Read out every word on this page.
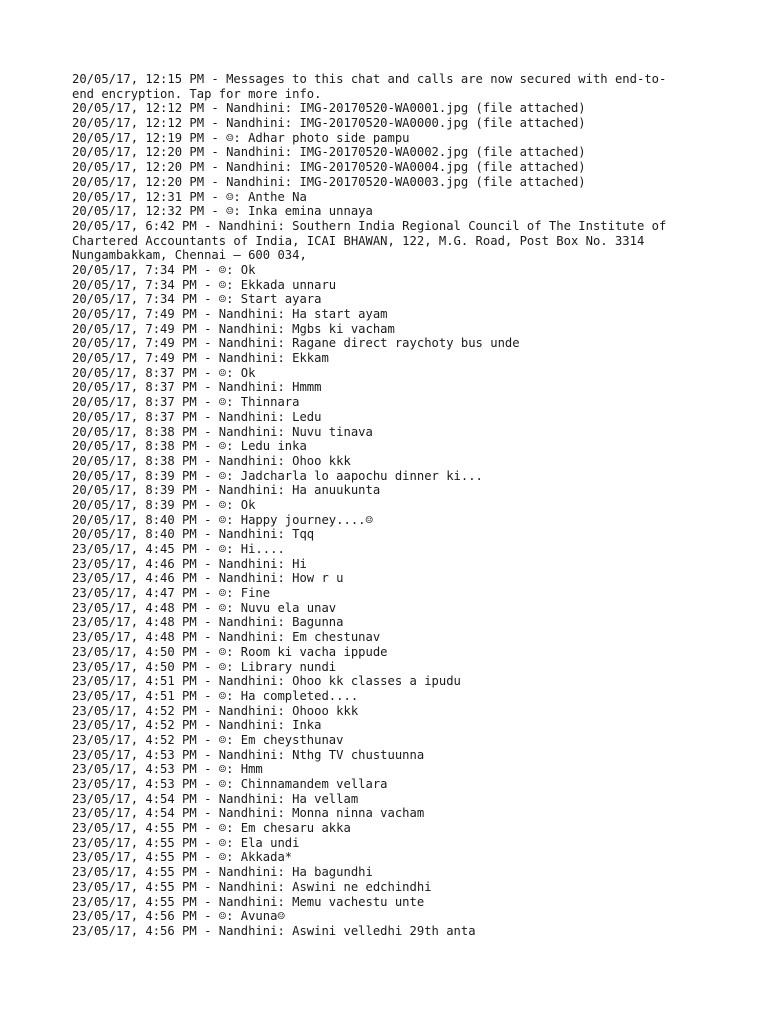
20/05/17, 12:15 PM - Messages to this chat and calls are now secured with end-to-
end encryption. Tap for more info.
20/05/17, 12:12 PM - Nandhini: IMG-20170520-WA0001.jpg (file attached)
20/05/17, 12:12 PM - Nandhini: IMG-20170520-WA0000.jpg (file attached)
20/05/17, 12:19 PM - ☺: Adhar photo side pampu
20/05/17, 12:20 PM - Nandhini: IMG-20170520-WA0002.jpg (file attached)
20/05/17, 12:20 PM - Nandhini: IMG-20170520-WA0004.jpg (file attached)
20/05/17, 12:20 PM - Nandhini: IMG-20170520-WA0003.jpg (file attached)
20/05/17, 12:31 PM - ☺: Anthe Na
20/05/17, 12:32 PM - ☺: Inka emina unnaya
20/05/17, 6:42 PM - Nandhini: Southern India Regional Council of The Institute of
Chartered Accountants of India, ICAI BHAWAN, 122, M.G. Road, Post Box No. 3314
Nungambakkam, Chennai – 600 034,
20/05/17, 7:34 PM - ☺: Ok
20/05/17, 7:34 PM - ☺: Ekkada unnaru
20/05/17, 7:34 PM - ☺: Start ayara
20/05/17, 7:49 PM - Nandhini: Ha start ayam
20/05/17, 7:49 PM - Nandhini: Mgbs ki vacham
20/05/17, 7:49 PM - Nandhini: Ragane direct raychoty bus unde
20/05/17, 7:49 PM - Nandhini: Ekkam
20/05/17, 8:37 PM - ☺: Ok
20/05/17, 8:37 PM - Nandhini: Hmmm
20/05/17, 8:37 PM - ☺: Thinnara
20/05/17, 8:37 PM - Nandhini: Ledu
20/05/17, 8:38 PM - Nandhini: Nuvu tinava
20/05/17, 8:38 PM - ☺: Ledu inka
20/05/17, 8:38 PM - Nandhini: Ohoo kkk
20/05/17, 8:39 PM - ☺: Jadcharla lo aapochu dinner ki...
20/05/17, 8:39 PM - Nandhini: Ha anuukunta
20/05/17, 8:39 PM - ☺: Ok
20/05/17, 8:40 PM - ☺: Happy journey....☺
20/05/17, 8:40 PM - Nandhini: Tqq
23/05/17, 4:45 PM - ☺: Hi....
23/05/17, 4:46 PM - Nandhini: Hi
23/05/17, 4:46 PM - Nandhini: How r u
23/05/17, 4:47 PM - ☺: Fine
23/05/17, 4:48 PM - ☺: Nuvu ela unav
23/05/17, 4:48 PM - Nandhini: Bagunna
23/05/17, 4:48 PM - Nandhini: Em chestunav
23/05/17, 4:50 PM - ☺: Room ki vacha ippude
23/05/17, 4:50 PM - ☺: Library nundi
23/05/17, 4:51 PM - Nandhini: Ohoo kk classes a ipudu
23/05/17, 4:51 PM - ☺: Ha completed....
23/05/17, 4:52 PM - Nandhini: Ohooo kkk
23/05/17, 4:52 PM - Nandhini: Inka
23/05/17, 4:52 PM - ☺: Em cheysthunav
23/05/17, 4:53 PM - Nandhini: Nthg TV chustuunna
23/05/17, 4:53 PM - ☺: Hmm
23/05/17, 4:53 PM - ☺: Chinnamandem vellara
23/05/17, 4:54 PM - Nandhini: Ha vellam
23/05/17, 4:54 PM - Nandhini: Monna ninna vacham
23/05/17, 4:55 PM - ☺: Em chesaru akka
23/05/17, 4:55 PM - ☺: Ela undi
23/05/17, 4:55 PM - ☺: Akkada*
23/05/17, 4:55 PM - Nandhini: Ha bagundhi
23/05/17, 4:55 PM - Nandhini: Aswini ne edchindhi
23/05/17, 4:55 PM - Nandhini: Memu vachestu unte
23/05/17, 4:56 PM - ☺: Avuna☺
23/05/17, 4:56 PM - Nandhini: Aswini velledhi 29th anta
